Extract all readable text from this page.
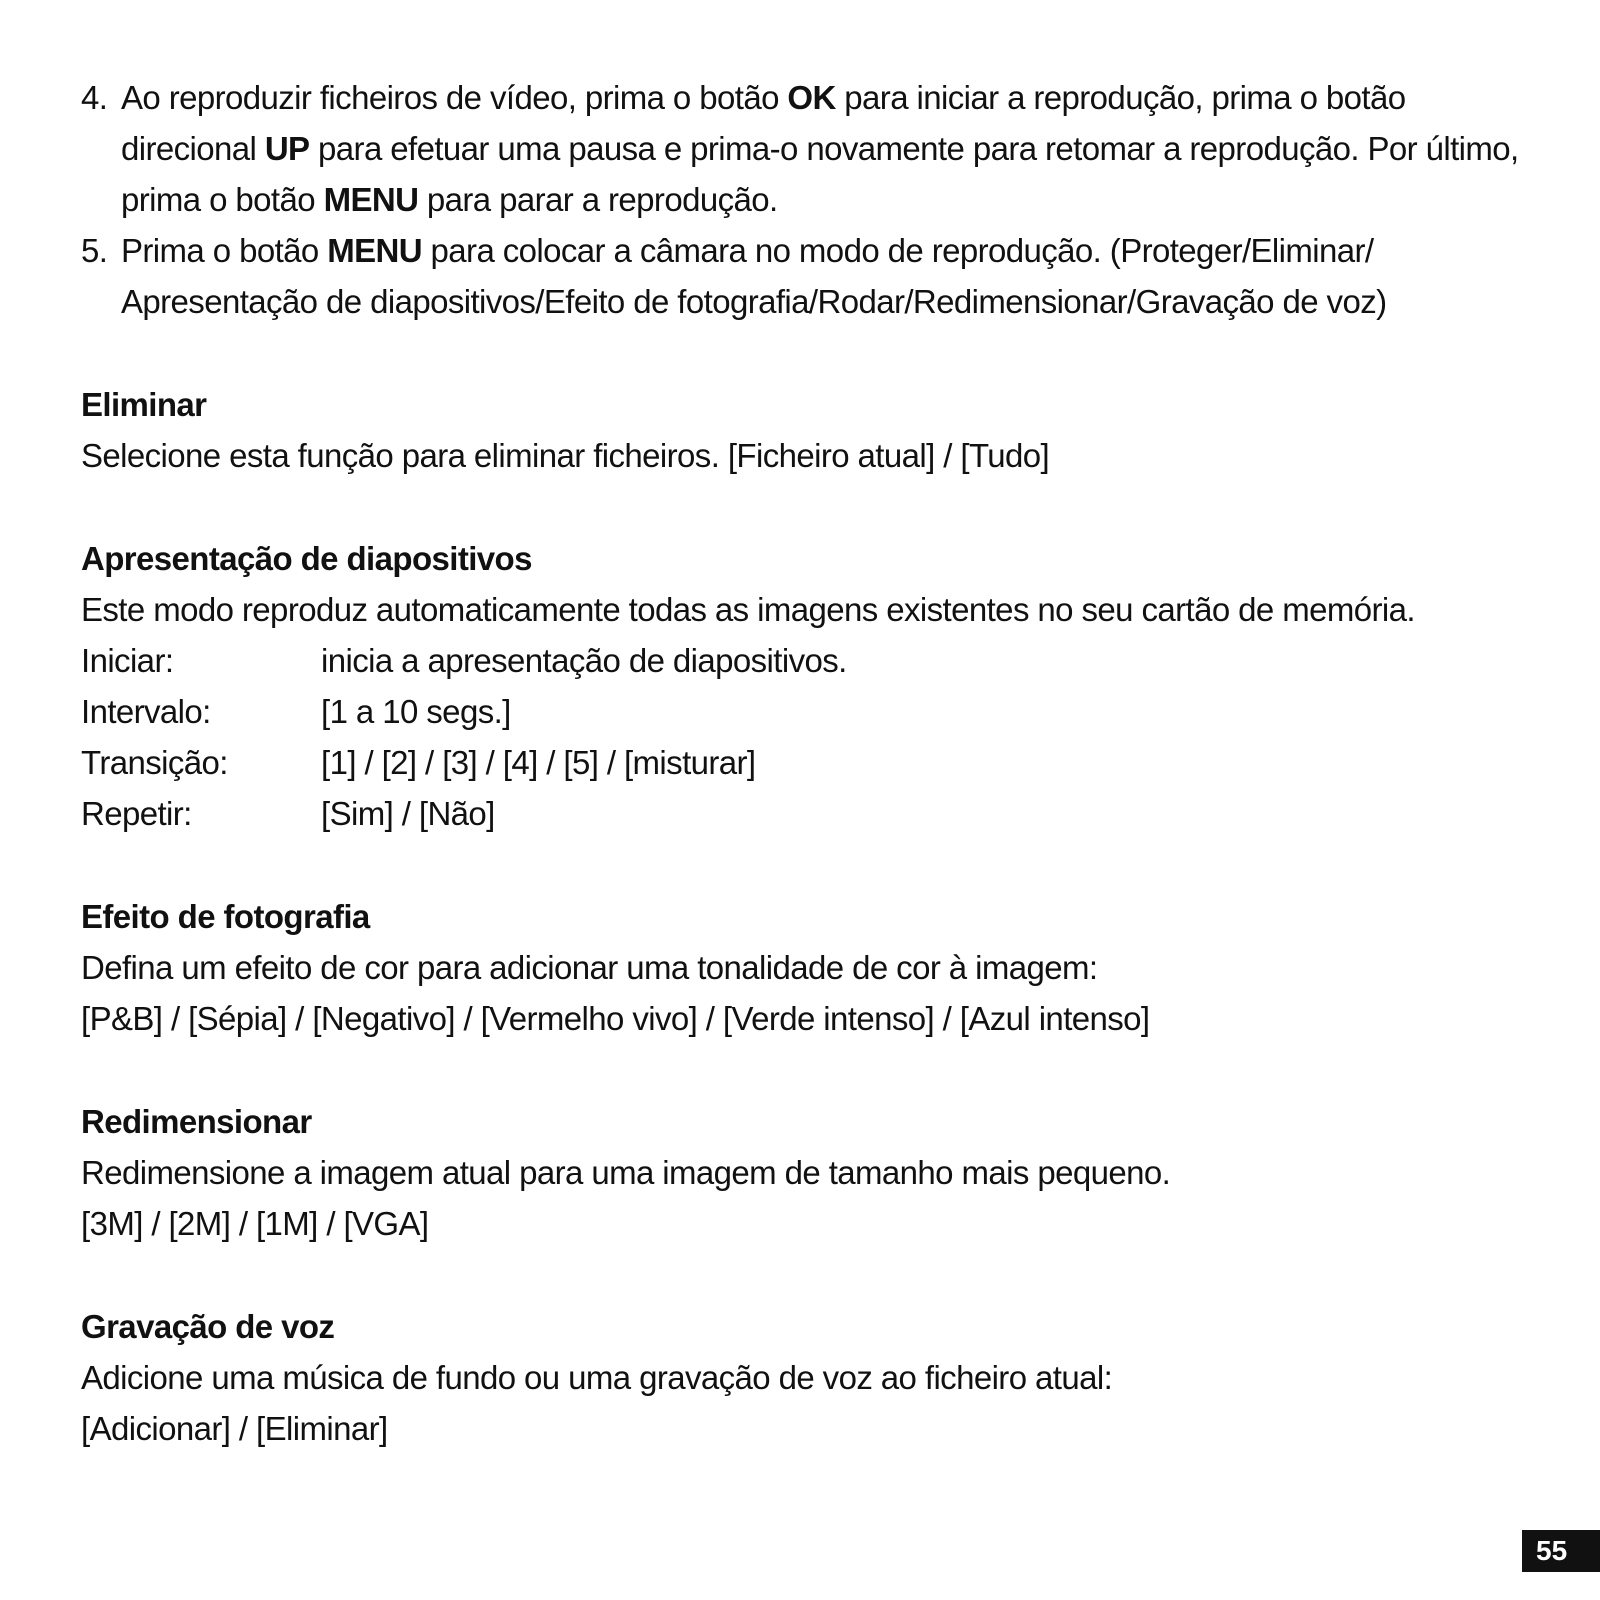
4. Ao reproduzir ficheiros de vídeo, prima o botão OK para iniciar a reprodução, prima o botão direcional UP para efetuar uma pausa e prima-o novamente para retomar a reprodução. Por último, prima o botão MENU para parar a reprodução.
5. Prima o botão MENU para colocar a câmara no modo de reprodução. (Proteger/Eliminar/ Apresentação de diapositivos/Efeito de fotografia/Rodar/Redimensionar/Gravação de voz)
Eliminar

Selecione esta função para eliminar ficheiros. [Ficheiro atual] / [Tudo]

Apresentação de diapositivos

Este modo reproduz automaticamente todas as imagens existentes no seu cartão de memória.

Iniciar:	inicia a apresentação de diapositivos.
Intervalo:	[1 a 10 segs.]
Transição:	[1] / [2] / [3] / [4] / [5] / [misturar]
Repetir:	[Sim] / [Não]
Efeito de fotografia

Defina um efeito de cor para adicionar uma tonalidade de cor à imagem:

[P&B] / [Sépia] / [Negativo] / [Vermelho vivo] / [Verde intenso] / [Azul intenso]

Redimensionar

Redimensione a imagem atual para uma imagem de tamanho mais pequeno.

[3M] / [2M] / [1M] / [VGA]

Gravação de voz

Adicione uma música de fundo ou uma gravação de voz ao ficheiro atual:

[Adicionar] / [Eliminar]

55
